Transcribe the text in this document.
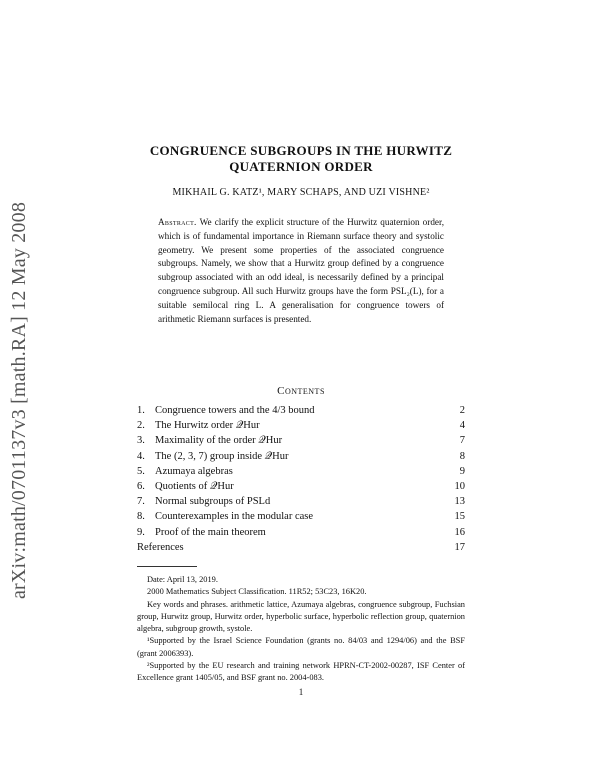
arXiv:math/0701137v3 [math.RA] 12 May 2008
CONGRUENCE SUBGROUPS IN THE HURWITZ
QUATERNION ORDER
MIKHAIL G. KATZ¹, MARY SCHAPS, AND UZI VISHNE²
Abstract. We clarify the explicit structure of the Hurwitz quaternion order, which is of fundamental importance in Riemann surface theory and systolic geometry. We present some properties of the associated congruence subgroups. Namely, we show that a Hurwitz group defined by a congruence subgroup associated with an odd ideal, is necessarily defined by a principal congruence subgroup. All such Hurwitz groups have the form PSL₂(L), for a suitable semilocal ring L. A generalisation for congruence towers of arithmetic Riemann surfaces is presented.
Contents
1. Congruence towers and the 4/3 bound	2
2. The Hurwitz order 𝒬Hur	4
3. Maximality of the order 𝒬Hur	7
4. The (2, 3, 7) group inside 𝒬Hur	8
5. Azumaya algebras	9
6. Quotients of 𝒬Hur	10
7. Normal subgroups of PSLd	13
8. Counterexamples in the modular case	15
9. Proof of the main theorem	16
References	17

Date: April 13, 2019.

2000 Mathematics Subject Classification. 11R52; 53C23, 16K20.

Key words and phrases. arithmetic lattice, Azumaya algebras, congruence subgroup, Fuchsian group, Hurwitz group, Hurwitz order, hyperbolic surface, hyperbolic reflection group, quaternion algebra, subgroup growth, systole.

¹Supported by the Israel Science Foundation (grants no. 84/03 and 1294/06) and the BSF (grant 2006393).

²Supported by the EU research and training network HPRN-CT-2002-00287, ISF Center of Excellence grant 1405/05, and BSF grant no. 2004-083.

1
